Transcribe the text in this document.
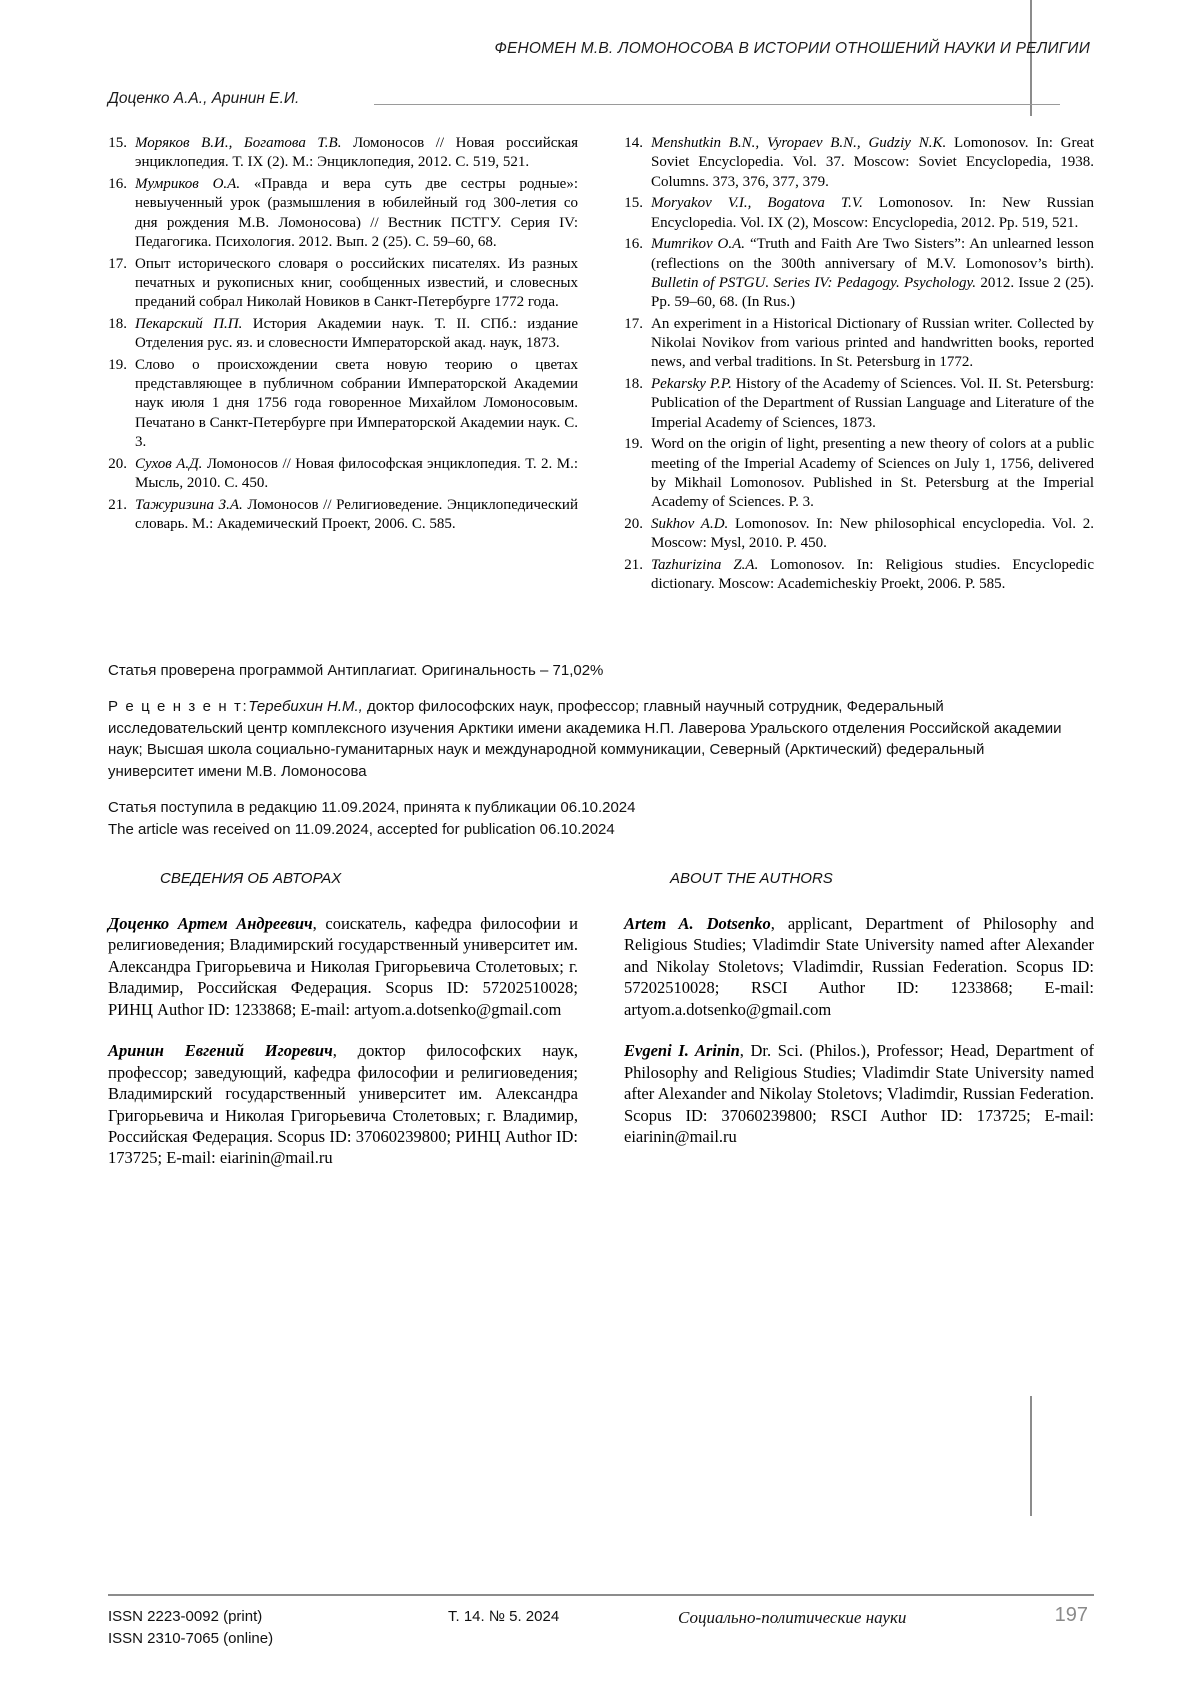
ФЕНОМЕН М.В. ЛОМОНОСОВА В ИСТОРИИ ОТНОШЕНИЙ НАУКИ И РЕЛИГИИ
Доценко А.А., Аринин Е.И.
15. Моряков В.И., Богатова Т.В. Ломоносов // Новая российская энциклопедия. Т. IX (2). М.: Энциклопедия, 2012. С. 519, 521.
16. Мумриков О.А. «Правда и вера суть две сестры родные»: невыученный урок (размышления в юбилейный год 300-летия со дня рождения М.В. Ломоносова) // Вестник ПСТГУ. Серия IV: Педагогика. Психология. 2012. Вып. 2 (25). С. 59–60, 68.
17. Опыт исторического словаря о российских писателях. Из разных печатных и рукописных книг, сообщенных известий, и словесных преданий собрал Николай Новиков в Санкт-Петербурге 1772 года.
18. Пекарский П.П. История Академии наук. Т. II. СПб.: издание Отделения рус. яз. и словесности Императорской акад. наук, 1873.
19. Слово о происхождении света новую теорию о цветах представляющее в публичном собрании Императорской Академии наук июля 1 дня 1756 года говоренное Михайлом Ломоносовым. Печатано в Санкт-Петербурге при Императорской Академии наук. С. 3.
20. Сухов А.Д. Ломоносов // Новая философская энциклопедия. Т. 2. М.: Мысль, 2010. С. 450.
21. Тажуризина З.А. Ломоносов // Религиоведение. Энциклопедический словарь. М.: Академический Проект, 2006. С. 585.
14. Menshutkin B.N., Vyropaev B.N., Gudziy N.K. Lomonosov. In: Great Soviet Encyclopedia. Vol. 37. Moscow: Soviet Encyclopedia, 1938. Columns. 373, 376, 377, 379.
15. Moryakov V.I., Bogatova T.V. Lomonosov. In: New Russian Encyclopedia. Vol. IX (2), Moscow: Encyclopedia, 2012. Pp. 519, 521.
16. Mumrikov O.A. “Truth and Faith Are Two Sisters”: An unlearned lesson (reflections on the 300th anniversary of M.V. Lomonosov’s birth). Bulletin of PSTGU. Series IV: Pedagogy. Psychology. 2012. Issue 2 (25). Pp. 59–60, 68. (In Rus.)
17. An experiment in a Historical Dictionary of Russian writer. Collected by Nikolai Novikov from various printed and handwritten books, reported news, and verbal traditions. In St. Petersburg in 1772.
18. Pekarsky P.P. History of the Academy of Sciences. Vol. II. St. Petersburg: Publication of the Department of Russian Language and Literature of the Imperial Academy of Sciences, 1873.
19. Word on the origin of light, presenting a new theory of colors at a public meeting of the Imperial Academy of Sciences on July 1, 1756, delivered by Mikhail Lomonosov. Published in St. Petersburg at the Imperial Academy of Sciences. P. 3.
20. Sukhov A.D. Lomonosov. In: New philosophical encyclopedia. Vol. 2. Moscow: Mysl, 2010. P. 450.
21. Tazhurizina Z.A. Lomonosov. In: Religious studies. Encyclopedic dictionary. Moscow: Academicheskiy Proekt, 2006. P. 585.

Статья проверена программой Антиплагиат. Оригинальность – 71,02%

Р е ц е н з е н т:Теребихин Н.М., доктор философских наук, профессор; главный научный сотрудник, Федеральный исследовательский центр комплексного изучения Арктики имени академика Н.П. Лаверова Уральского отделения Российской академии наук; Высшая школа социально-гуманитарных наук и международной коммуникации, Северный (Арктический) федеральный университет имени М.В. Ломоносова

Статья поступила в редакцию 11.09.2024, принята к публикации 06.10.2024

The article was received on 11.09.2024, accepted for publication 06.10.2024

СВЕДЕНИЯ ОБ АВТОРАХ
Доценко Артем Андреевич, соискатель, кафедра философии и религиоведения; Владимирский государственный университет им. Александра Григорьевича и Николая Григорьевича Столетовых; г. Владимир, Российская Федерация. Scopus ID: 57202510028; РИНЦ Author ID: 1233868; E-mail: artyom.a.dotsenko@gmail.com
Аринин Евгений Игоревич, доктор философских наук, профессор; заведующий, кафедра философии и религиоведения; Владимирский государственный университет им. Александра Григорьевича и Николая Григорьевича Столетовых; г. Владимир, Российская Федерация. Scopus ID: 37060239800; РИНЦ Author ID: 173725; E-mail: eiarinin@mail.ru
ABOUT THE AUTHORS
Artem A. Dotsenko, applicant, Department of Philosophy and Religious Studies; Vladimdir State University named after Alexander and Nikolay Stoletovs; Vladimdir, Russian Federation. Scopus ID: 57202510028; RSCI Author ID: 1233868; E-mail: artyom.a.dotsenko@gmail.com
Evgeni I. Arinin, Dr. Sci. (Philos.), Professor; Head, Department of Philosophy and Religious Studies; Vladimdir State University named after Alexander and Nikolay Stoletovs; Vladimdir, Russian Federation. Scopus ID: 37060239800; RSCI Author ID: 173725; E-mail: eiarinin@mail.ru
ISSN 2223-0092 (print)
ISSN 2310-7065 (online)
Т. 14. № 5. 2024	Социально-политические науки	197
